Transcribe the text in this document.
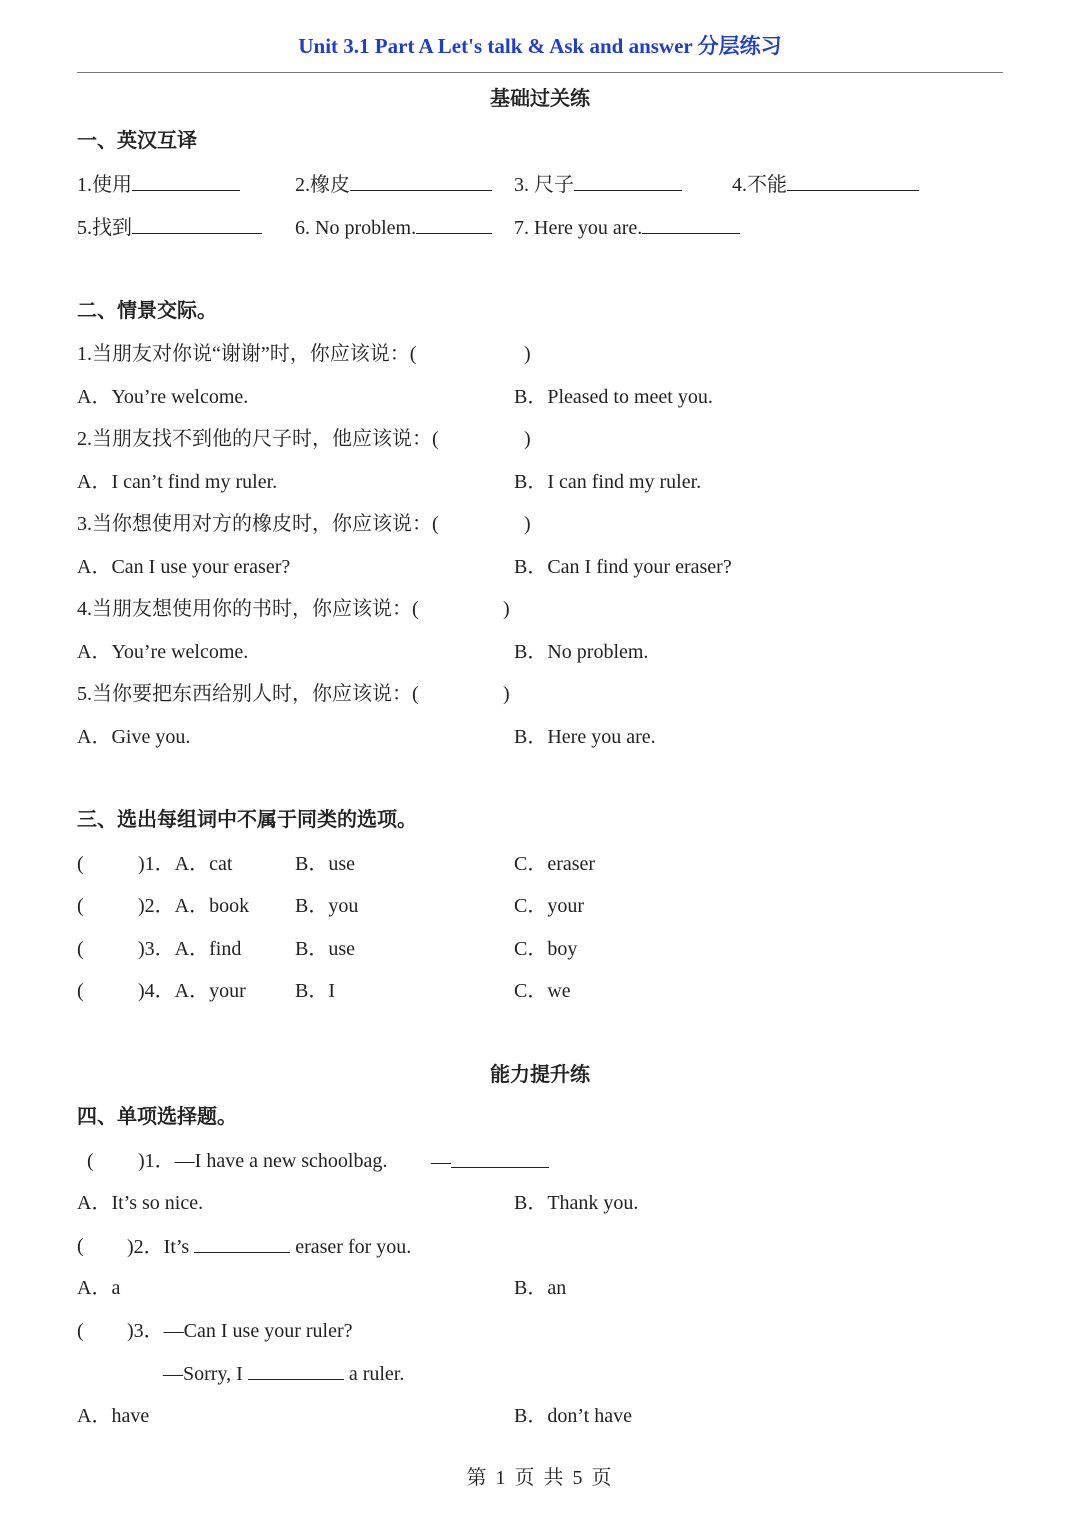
Unit 3.1 Part A Let's talk & Ask and answer 分层练习
基础过关练
一、英汉互译
1.使用	2.橡皮	3. 尺子	4.不能
5.找到	6. No problem.	7. Here you are.
二、情景交际。
1.当朋友对你说“谢谢”时，你应该说：(	)
A．You’re welcome.	B．Pleased to meet you.
2.当朋友找不到他的尺子时，他应该说：(	)
A．I can’t find my ruler.	B．I can find my ruler.
3.当你想使用对方的橡皮时，你应该说：(	)
A．Can I use your eraser?	B．Can I find your eraser?
4.当朋友想使用你的书时，你应该说：(	)
A．You’re welcome.	B．No problem.
5.当你要把东西给别人时，你应该说：(	)
A．Give you.	B．Here you are.
三、选出每组词中不属于同类的选项。
(	)1．A．cat	B．use	C．eraser
(	)2．A．book B．you	C．your
(	)3．A．find	B．use	C．boy
(	)4．A．your B．I	C．we
能力提升练
四、单项选择题。
( )1．—I have a new schoolbag. —
A．It’s so nice.	B．Thank you.
( )2．It’s	eraser for you.
A．a	B．an
( )3．—Can I use your ruler?
—Sorry, I	a ruler.
A．have	B．don’t have
第 1 页 共 5 页
